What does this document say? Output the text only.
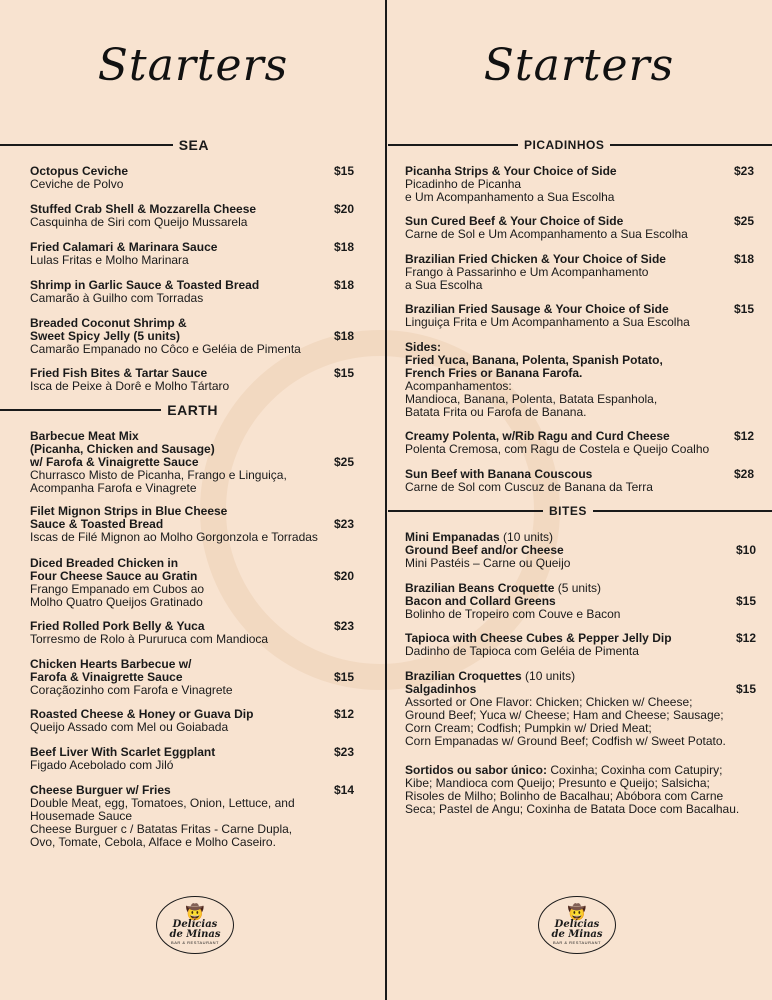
Starters
SEA
Octopus Ceviche
Ceviche de Polvo
$15
Stuffed Crab Shell & Mozzarella Cheese
Casquinha de Siri com Queijo Mussarela
$20
Fried Calamari & Marinara Sauce
Lulas Fritas e Molho Marinara
$18
Shrimp in Garlic Sauce & Toasted Bread
Camarão à Guilho com Torradas
$18
Breaded Coconut Shrimp &
Sweet Spicy Jelly (5 units)
Camarão Empanado no Côco e Geléia de Pimenta
$18
Fried Fish Bites & Tartar Sauce
Isca de Peixe à Dorê e Molho Tártaro
$15
EARTH
Barbecue Meat Mix
(Picanha, Chicken and Sausage)
w/ Farofa & Vinaigrette Sauce
Churrasco Misto de Picanha, Frango e Linguiça,
Acompanha Farofa e Vinagrete
$25
Filet Mignon Strips in Blue Cheese
Sauce & Toasted Bread
Iscas de Filé Mignon ao Molho Gorgonzola e Torradas
$23
Diced Breaded Chicken in
Four Cheese Sauce au Gratin
Frango Empanado em Cubos ao
Molho Quatro Queijos Gratinado
$20
Fried Rolled Pork Belly & Yuca
Torresmo de Rolo à Pururuca com Mandioca
$23
Chicken Hearts Barbecue w/
Farofa & Vinaigrette Sauce
Coraçãozinho com Farofa e Vinagrete
$15
Roasted Cheese & Honey or Guava Dip
Queijo Assado com Mel ou Goiabada
$12
Beef Liver With Scarlet Eggplant
Figado Acebolado com Jiló
$23
Cheese Burguer w/ Fries
Double Meat, egg, Tomatoes, Onion, Lettuce, and
Housemade Sauce
Cheese Burguer c / Batatas Fritas - Carne Dupla,
Ovo, Tomate, Cebola, Alface e Molho Caseiro.
$14
🤠
Delícias
de Minas
BAR & RESTAURANT
Starters
PICADINHOS
Picanha Strips & Your Choice of Side
Picadinho de Picanha
e Um Acompanhamento a Sua Escolha
$23
Sun Cured Beef & Your Choice of Side
Carne de Sol e Um Acompanhamento a Sua Escolha
$25
Brazilian Fried Chicken & Your Choice of Side
Frango à Passarinho e Um Acompanhamento
a Sua Escolha
$18
Brazilian Fried Sausage & Your Choice of Side
Linguiça Frita e Um Acompanhamento a Sua Escolha
$15
Sides:
Fried Yuca, Banana, Polenta, Spanish Potato,
French Fries or Banana Farofa.
Acompanhamentos:
Mandioca, Banana, Polenta, Batata Espanhola,
Batata Frita ou Farofa de Banana.
Creamy Polenta, w/Rib Ragu and Curd Cheese
Polenta Cremosa, com Ragu de Costela e Queijo Coalho
$12
Sun Beef with Banana Couscous
Carne de Sol com Cuscuz de Banana da Terra
$28
BITES
Mini Empanadas (10 units)
Ground Beef and/or Cheese
Mini Pastéis – Carne ou Queijo
$10
Brazilian Beans Croquette (5 units)
Bacon and Collard Greens
Bolinho de Tropeiro com Couve e Bacon
$15
Tapioca with Cheese Cubes & Pepper Jelly Dip
Dadinho de Tapioca com Geléia de Pimenta
$12
Brazilian Croquettes (10 units)
Salgadinhos
Assorted or One Flavor: Chicken; Chicken w/ Cheese;
Ground Beef; Yuca w/ Cheese; Ham and Cheese; Sausage;
Corn Cream; Codfish; Pumpkin w/ Dried Meat;
Corn Empanadas w/ Ground Beef; Codfish w/ Sweet Potato.
$15
Sortidos ou sabor único: Coxinha; Coxinha com Catupiry;
Kibe; Mandioca com Queijo; Presunto e Queijo; Salsicha;
Risoles de Milho; Bolinho de Bacalhau; Abóbora com Carne
Seca; Pastel de Angu; Coxinha de Batata Doce com Bacalhau.
🤠
Delícias
de Minas
BAR & RESTAURANT
